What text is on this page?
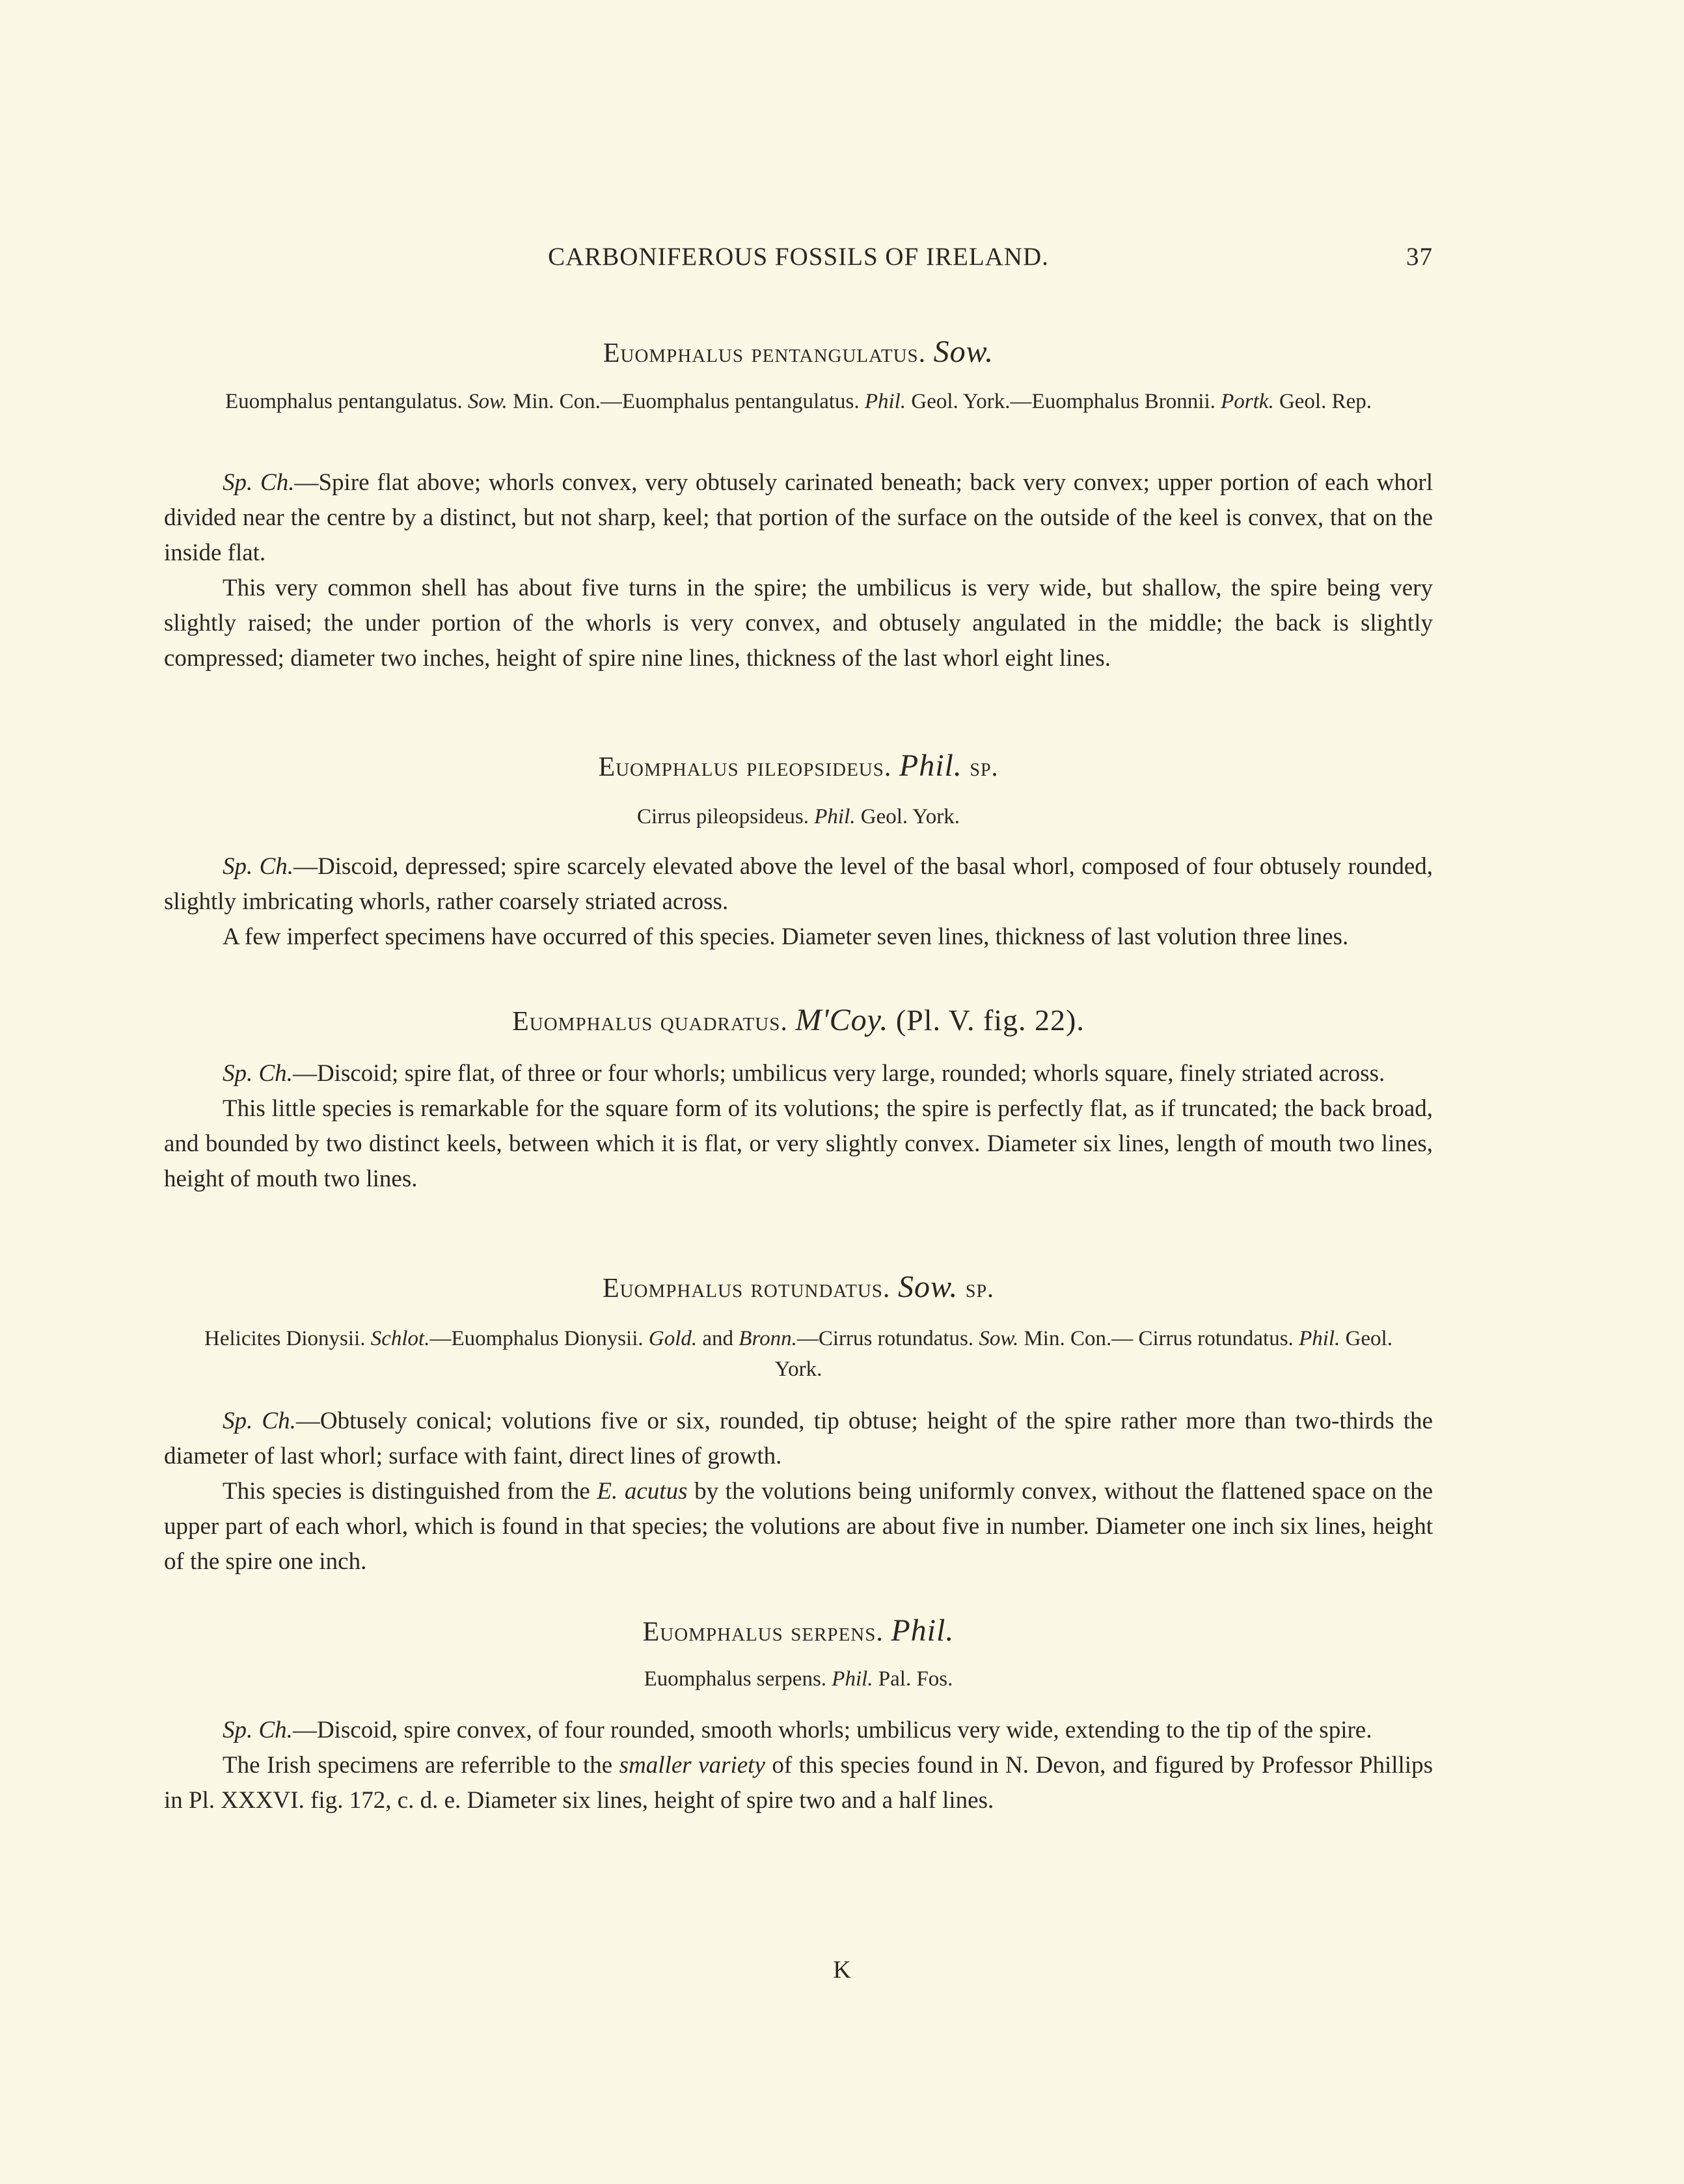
CARBONIFEROUS FOSSILS OF IRELAND.	37
Euomphalus pentangulatus. Sow.
Euomphalus pentangulatus. Sow. Min. Con.—Euomphalus pentangulatus. Phil. Geol. York.—Euomphalus Bronnii. Portk. Geol. Rep.

Sp. Ch.—Spire flat above; whorls convex, very obtusely carinated beneath; back very convex; upper portion of each whorl divided near the centre by a distinct, but not sharp, keel; that portion of the surface on the outside of the keel is convex, that on the inside flat.

This very common shell has about five turns in the spire; the umbilicus is very wide, but shallow, the spire being very slightly raised; the under portion of the whorls is very convex, and obtusely angulated in the middle; the back is slightly compressed; diameter two inches, height of spire nine lines, thickness of the last whorl eight lines.

Euomphalus pileopsideus. Phil. sp.
Cirrus pileopsideus. Phil. Geol. York.

Sp. Ch.—Discoid, depressed; spire scarcely elevated above the level of the basal whorl, composed of four obtusely rounded, slightly imbricating whorls, rather coarsely striated across.

A few imperfect specimens have occurred of this species. Diameter seven lines, thickness of last volution three lines.

Euomphalus quadratus. M'Coy. (Pl. V. fig. 22).

Sp. Ch.—Discoid; spire flat, of three or four whorls; umbilicus very large, rounded; whorls square, finely striated across.

This little species is remarkable for the square form of its volutions; the spire is perfectly flat, as if truncated; the back broad, and bounded by two distinct keels, between which it is flat, or very slightly convex. Diameter six lines, length of mouth two lines, height of mouth two lines.

Euomphalus rotundatus. Sow. sp.
Helicites Dionysii. Schlot.—Euomphalus Dionysii. Gold. and Bronn.—Cirrus rotundatus. Sow. Min. Con.— Cirrus rotundatus. Phil. Geol. York.

Sp. Ch.—Obtusely conical; volutions five or six, rounded, tip obtuse; height of the spire rather more than two-thirds the diameter of last whorl; surface with faint, direct lines of growth.

This species is distinguished from the E. acutus by the volutions being uniformly convex, without the flattened space on the upper part of each whorl, which is found in that species; the volutions are about five in number. Diameter one inch six lines, height of the spire one inch.

Euomphalus serpens. Phil.
Euomphalus serpens. Phil. Pal. Fos.

Sp. Ch.—Discoid, spire convex, of four rounded, smooth whorls; umbilicus very wide, extending to the tip of the spire.

The Irish specimens are referrible to the smaller variety of this species found in N. Devon, and figured by Professor Phillips in Pl. XXXVI. fig. 172, c. d. e. Diameter six lines, height of spire two and a half lines.

K
